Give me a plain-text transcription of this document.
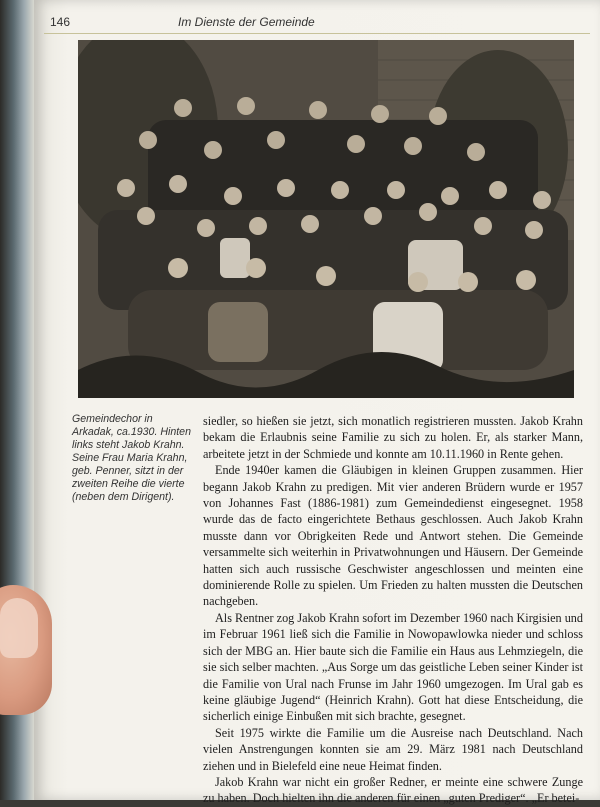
146	Im Dienste der Gemeinde
Gemeindechor in Arkadak, ca.1930. Hinten links steht Jakob Krahn. Seine Frau Maria Krahn, geb. Penner, sitzt in der zweiten Reihe die vierte (neben dem Dirigent).

siedler, so hießen sie jetzt, sich monatlich registrieren mussten. Jakob Krahn bekam die Erlaubnis seine Familie zu sich zu holen. Er, als starker Mann, arbeitete jetzt in der Schmiede und konnte am 10.11.1960 in Rente gehen.

Ende 1940er kamen die Gläubigen in kleinen Gruppen zusammen. Hier begann Jakob Krahn zu predigen. Mit vier anderen Brüdern wurde er 1957 von Johannes Fast (1886-1981) zum Gemeindedienst eingesegnet. 1958 wurde das de facto eingerichtete Bethaus geschlossen. Auch Jakob Krahn musste dann vor Obrigkeiten Rede und Antwort stehen. Die Gemeinde versammelte sich weiterhin in Privatwohnungen und Häusern. Der Gemeinde hatten sich auch russische Geschwister angeschlossen und meinten eine dominierende Rolle zu spielen. Um Frieden zu halten mussten die Deutschen nachgeben.

Als Rentner zog Jakob Krahn sofort im Dezember 1960 nach Kirgisien und im Februar 1961 ließ sich die Familie in Nowopawlowka nieder und schloss sich der MBG an. Hier baute sich die Familie ein Haus aus Lehmziegeln, die sie sich selber machten. „Aus Sorge um das geistliche Leben seiner Kinder ist die Familie von Ural nach Frunse im Jahr 1960 umgezogen. Im Ural gab es keine gläubige Jugend“ (Heinrich Krahn). Gott hat diese Entscheidung, die sicherlich einige Einbußen mit sich brachte, gesegnet.

Seit 1975 wirkte die Familie um die Ausreise nach Deutschland. Nach vielen Anstrengungen konnten sie am 29. März 1981 nach Deutschland ziehen und in Bielefeld eine neue Heimat finden.

Jakob Krahn war nicht ein großer Redner, er meinte eine schwere Zunge zu haben. Doch hielten ihn die anderen für einen „guten Prediger“. „Er betei-
